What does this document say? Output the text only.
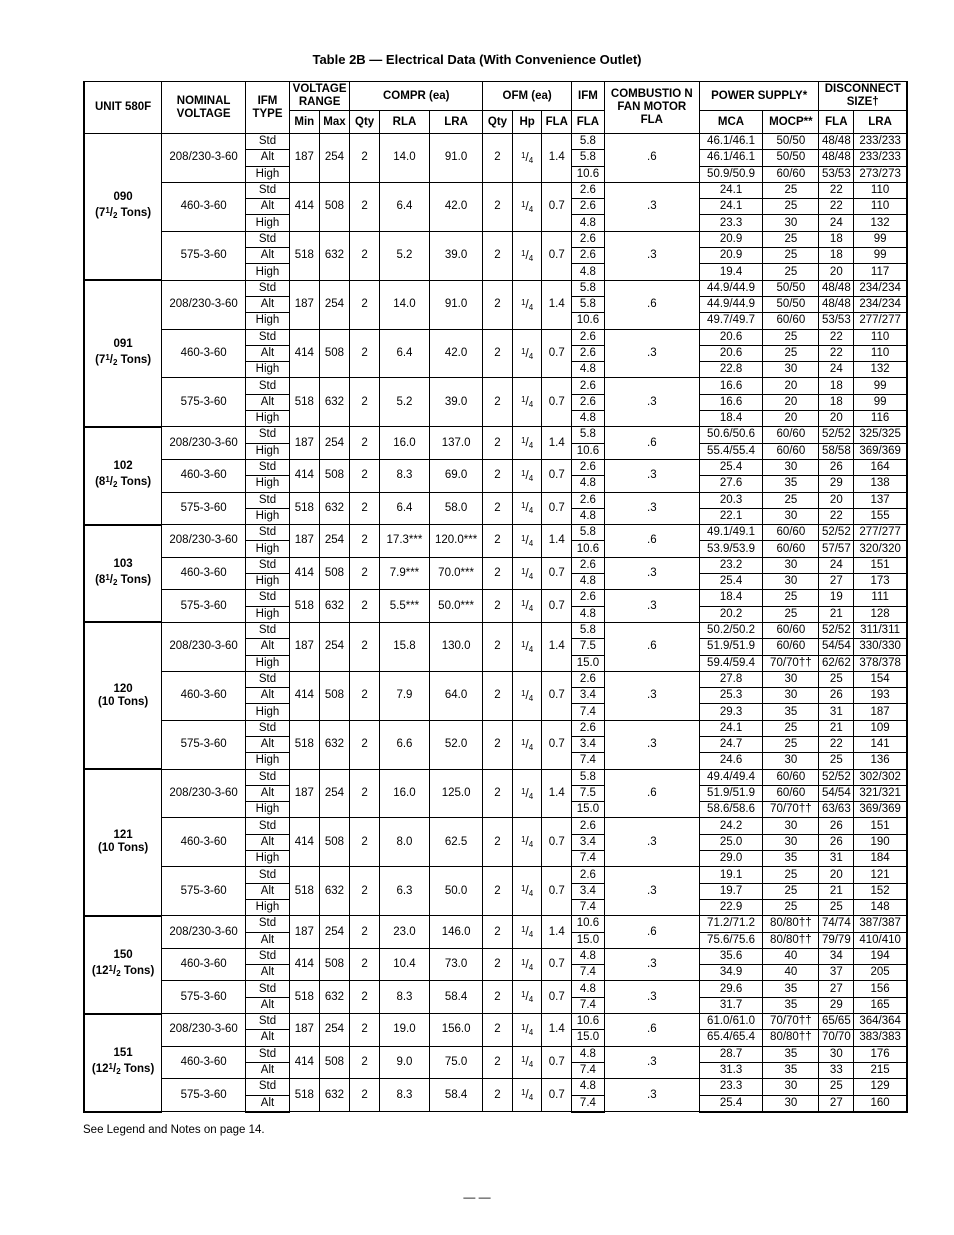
Table 2B — Electrical Data (With Convenience Outlet)
UNIT 580F	NOMINAL VOLTAGE	IFM TYPE	VOLTAGE RANGE		COMPR (ea)			OFM (ea)			IFM	COMBUSTIO N FAN MOTOR FLA	POWER SUPPLY*		DISCONNECT SIZE†	
			Min	Max	Qty	RLA	LRA	Qty	Hp	FLA	FLA		MCA	MOCP**	FLA	LRA

090
($7^1/_2$ Tons)	208/230-3-60	Std	187	254	2	14.0	91.0	2	$^1/_4$	1.4	5.8	.6	46.1/46.1	50/50	48/48	233/233
		Alt									5.8		46.1/46.1	50/50	48/48	233/233
		High									10.6		50.9/50.9	60/60	53/53	273/273
	460-3-60	Std	414	508	2	6.4	42.0	2	$^1/_4$	0.7	2.6	.3	24.1	25	22	110
		Alt									2.6		24.1	25	22	110
		High									4.8		23.3	30	24	132
	575-3-60	Std	518	632	2	5.2	39.0	2	$^1/_4$	0.7	2.6	.3	20.9	25	18	99
		Alt									2.6		20.9	25	18	99
		High									4.8		19.4	25	20	117

091
($7^1/_2$ Tons)	208/230-3-60	Std	187	254	2	14.0	91.0	2	$^1/_4$	1.4	5.8	.6	44.9/44.9	50/50	48/48	234/234
		Alt									5.8		44.9/44.9	50/50	48/48	234/234
		High									10.6		49.7/49.7	60/60	53/53	277/277
	460-3-60	Std	414	508	2	6.4	42.0	2	$^1/_4$	0.7	2.6	.3	20.6	25	22	110
		Alt									2.6		20.6	25	22	110
		High									4.8		22.8	30	24	132
	575-3-60	Std	518	632	2	5.2	39.0	2	$^1/_4$	0.7	2.6	.3	16.6	20	18	99
		Alt									2.6		16.6	20	18	99
		High									4.8		18.4	20	20	116

102
($8^1/_2$ Tons)	208/230-3-60	Std	187	254	2	16.0	137.0	2	$^1/_4$	1.4	5.8	.6	50.6/50.6	60/60	52/52	325/325
		High									10.6		55.4/55.4	60/60	58/58	369/369
	460-3-60	Std	414	508	2	8.3	69.0	2	$^1/_4$	0.7	2.6	.3	25.4	30	26	164
		High									4.8		27.6	35	29	138
	575-3-60	Std	518	632	2	6.4	58.0	2	$^1/_4$	0.7	2.6	.3	20.3	25	20	137
		High									4.8		22.1	30	22	155

103
($8^1/_2$ Tons)	208/230-3-60	Std	187	254	2	17.3***	120.0***	2	$^1/_4$	1.4	5.8	.6	49.1/49.1	60/60	52/52	277/277
		High									10.6		53.9/53.9	60/60	57/57	320/320
	460-3-60	Std	414	508	2	7.9***	70.0***	2	$^1/_4$	0.7	2.6	.3	23.2	30	24	151
		High									4.8		25.4	30	27	173
	575-3-60	Std	518	632	2	5.5***	50.0***	2	$^1/_4$	0.7	2.6	.3	18.4	25	19	111
		High									4.8		20.2	25	21	128

120
(10 Tons)	208/230-3-60	Std	187	254	2	15.8	130.0	2	$^1/_4$	1.4	5.8	.6	50.2/50.2	60/60	52/52	311/311
		Alt									7.5		51.9/51.9	60/60	54/54	330/330
		High									15.0		59.4/59.4	70/70††	62/62	378/378
	460-3-60	Std	414	508	2	7.9	64.0	2	$^1/_4$	0.7	2.6	.3	27.8	30	25	154
		Alt									3.4		25.3	30	26	193
		High									7.4		29.3	35	31	187
	575-3-60	Std	518	632	2	6.6	52.0	2	$^1/_4$	0.7	2.6	.3	24.1	25	21	109
		Alt									3.4		24.7	25	22	141
		High									7.4		24.6	30	25	136

121
(10 Tons)	208/230-3-60	Std	187	254	2	16.0	125.0	2	$^1/_4$	1.4	5.8	.6	49.4/49.4	60/60	52/52	302/302
		Alt									7.5		51.9/51.9	60/60	54/54	321/321
		High									15.0		58.6/58.6	70/70††	63/63	369/369
	460-3-60	Std	414	508	2	8.0	62.5	2	$^1/_4$	0.7	2.6	.3	24.2	30	26	151
		Alt									3.4		25.0	30	26	190
		High									7.4		29.0	35	31	184
	575-3-60	Std	518	632	2	6.3	50.0	2	$^1/_4$	0.7	2.6	.3	19.1	25	20	121
		Alt									3.4		19.7	25	21	152
		High									7.4		22.9	25	25	148

150
($12^1/_2$ Tons)	208/230-3-60	Std	187	254	2	23.0	146.0	2	$^1/_4$	1.4	10.6	.6	71.2/71.2	80/80††	74/74	387/387
		Alt									15.0		75.6/75.6	80/80††	79/79	410/410
	460-3-60	Std	414	508	2	10.4	73.0	2	$^1/_4$	0.7	4.8	.3	35.6	40	34	194
		Alt									7.4		34.9	40	37	205
	575-3-60	Std	518	632	2	8.3	58.4	2	$^1/_4$	0.7	4.8	.3	29.6	35	27	156
		Alt									7.4		31.7	35	29	165

151
($12^1/_2$ Tons)	208/230-3-60	Std	187	254	2	19.0	156.0	2	$^1/_4$	1.4	10.6	.6	61.0/61.0	70/70††	65/65	364/364
		Alt									15.0		65.4/65.4	80/80††	70/70	383/383
	460-3-60	Std	414	508	2	9.0	75.0	2	$^1/_4$	0.7	4.8	.3	28.7	35	30	176
		Alt									7.4		31.3	35	33	215
	575-3-60	Std	518	632	2	8.3	58.4	2	$^1/_4$	0.7	4.8	.3	23.3	30	25	129
		Alt									7.4		25.4	30	27	160
See Legend and Notes on page 14.
— —
